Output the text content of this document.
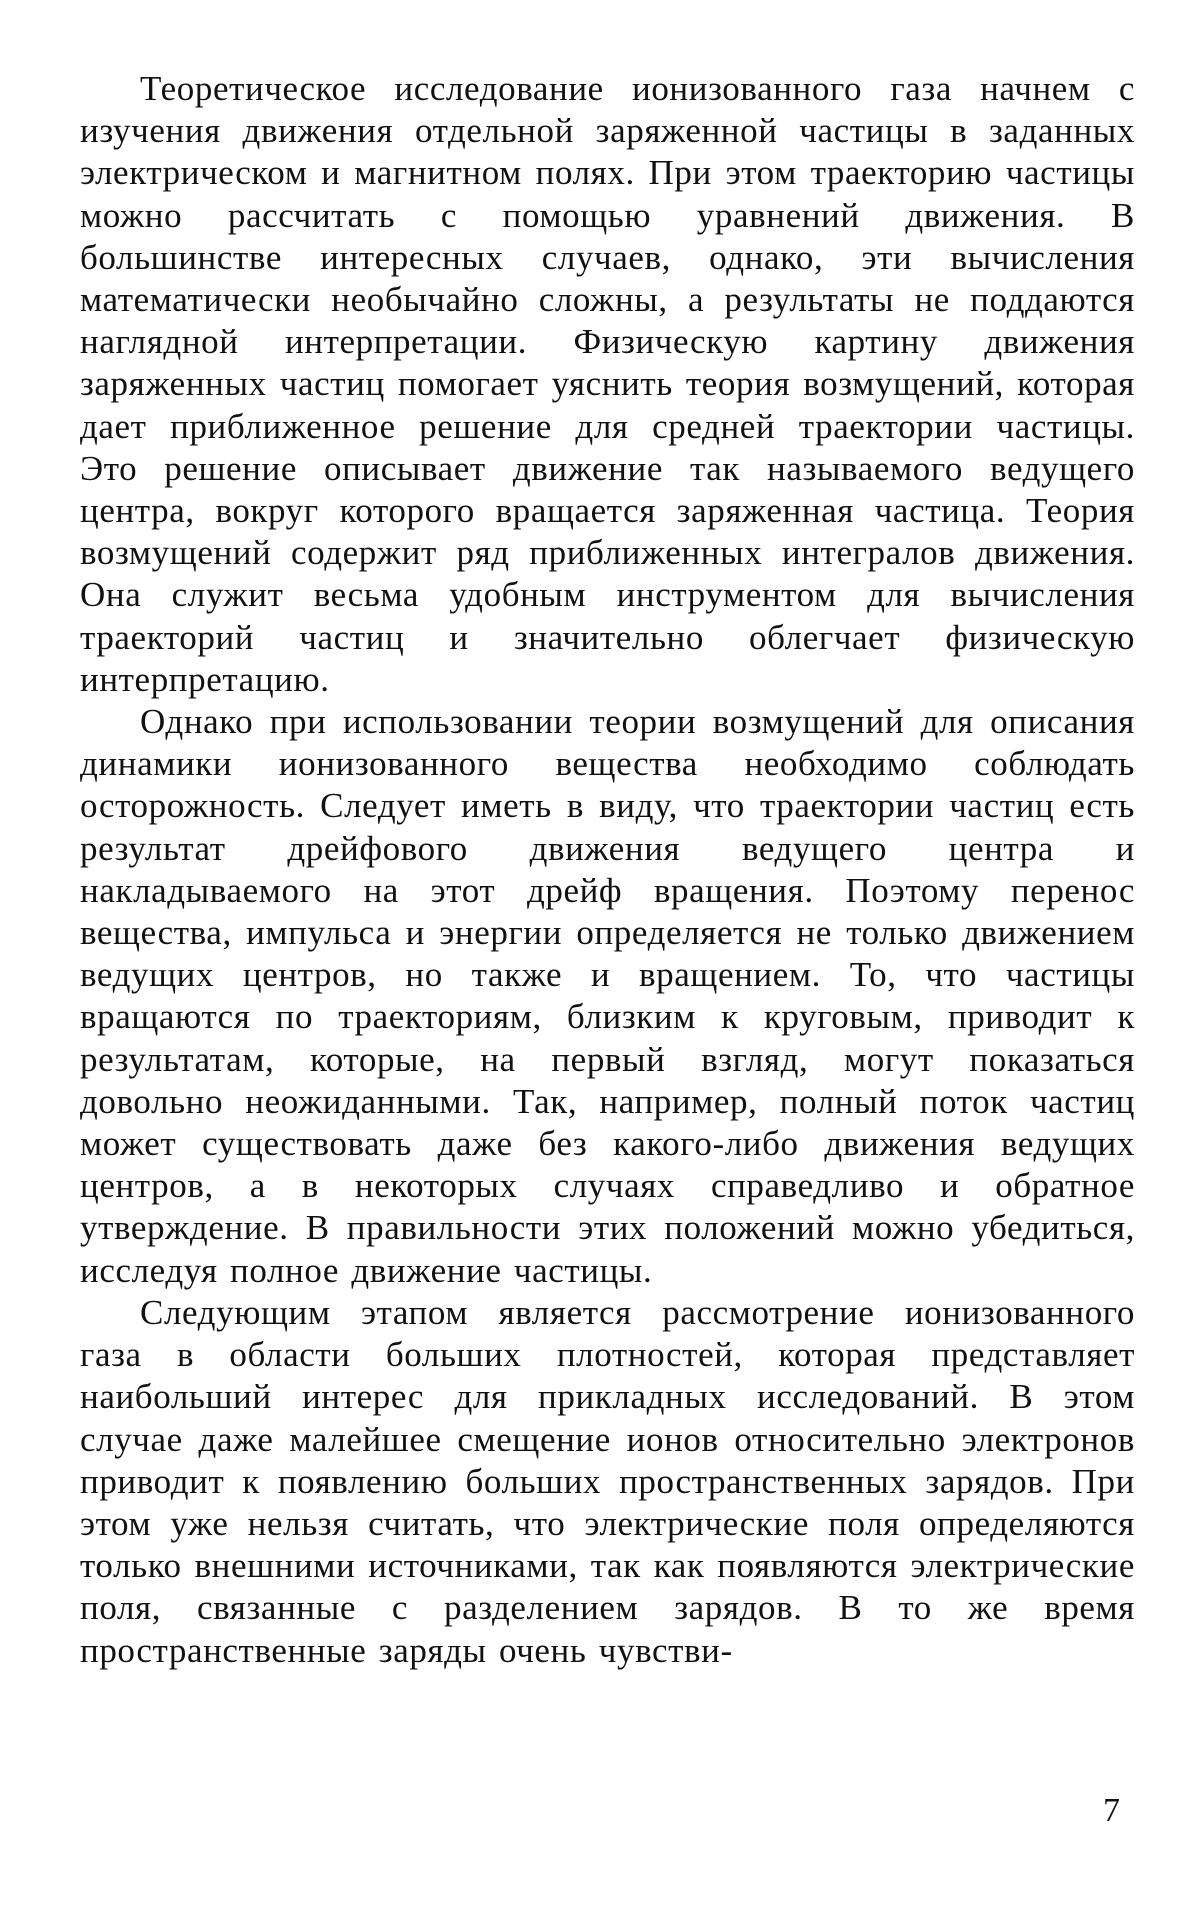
Теоретическое исследование ионизованного газа начнем с изучения движения отдельной заряженной частицы в заданных электрическом и магнитном полях. При этом траекторию частицы можно рассчитать с помощью уравнений движения. В большинстве интересных случаев, однако, эти вычисления математически необычайно сложны, а результаты не поддаются наглядной интерпретации. Физическую картину движения заряженных частиц помогает уяснить теория возмущений, которая дает приближенное решение для средней траектории частицы. Это решение описывает движение так называемого ведущего центра, вокруг которого вращается заряженная частица. Теория возмущений содержит ряд приближенных интегралов движения. Она служит весьма удобным инструментом для вычисления траекторий частиц и значительно облегчает физическую интерпретацию.

Однако при использовании теории возмущений для описания динамики ионизованного вещества необходимо соблюдать осторожность. Следует иметь в виду, что траектории частиц есть результат дрейфового движения ведущего центра и накладываемого на этот дрейф вращения. Поэтому перенос вещества, импульса и энергии определяется не только движением ведущих центров, но также и вращением. То, что частицы вращаются по траекториям, близким к круговым, приводит к результатам, которые, на первый взгляд, могут показаться довольно неожиданными. Так, например, полный поток частиц может существовать даже без какого-либо движения ведущих центров, а в некоторых случаях справедливо и обратное утверждение. В правильности этих положений можно убедиться, исследуя полное движение частицы.

Следующим этапом является рассмотрение ионизованного газа в области больших плотностей, которая представляет наибольший интерес для прикладных исследований. В этом случае даже малейшее смещение ионов относительно электронов приводит к появлению больших пространственных зарядов. При этом уже нельзя считать, что электрические поля определяются только внешними источниками, так как появляются электрические поля, связанные с разделением зарядов. В то же время пространственные заряды очень чувстви-

7
